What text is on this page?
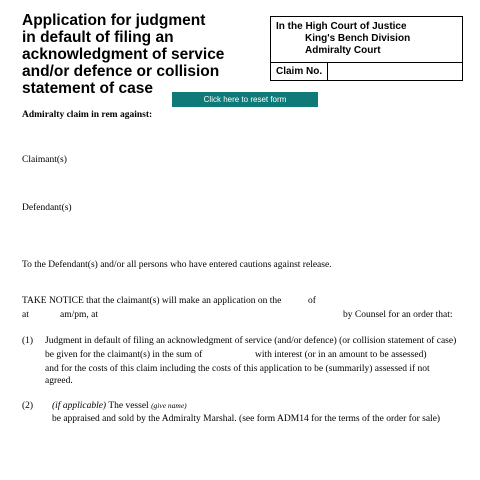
Application for judgment
in default of filing an
acknowledgment of service
and/or defence or collision
statement of case
In the High Court of Justice
King's Bench Division
Admiralty Court
Claim No.
Click here to reset form
Admiralty claim in rem against:
Claimant(s)
Defendant(s)
To the Defendant(s) and/or all persons who have entered cautions against release.
TAKE NOTICE that the claimant(s) will make an application on the	of
at	am/pm, at	by Counsel for an order that:
(1) Judgment in default of filing an acknowledgment of service (and/or defence) (or collision statement of case)
be given for the claimant(s) in the sum of	with interest (or in an amount to be assessed)
and for the costs of this claim including the costs of this application to be (summarily) assessed if not
agreed.
(2) (if applicable) The vessel (give name)
be appraised and sold by the Admiralty Marshal. (see form ADM14 for the terms of the order for sale)
